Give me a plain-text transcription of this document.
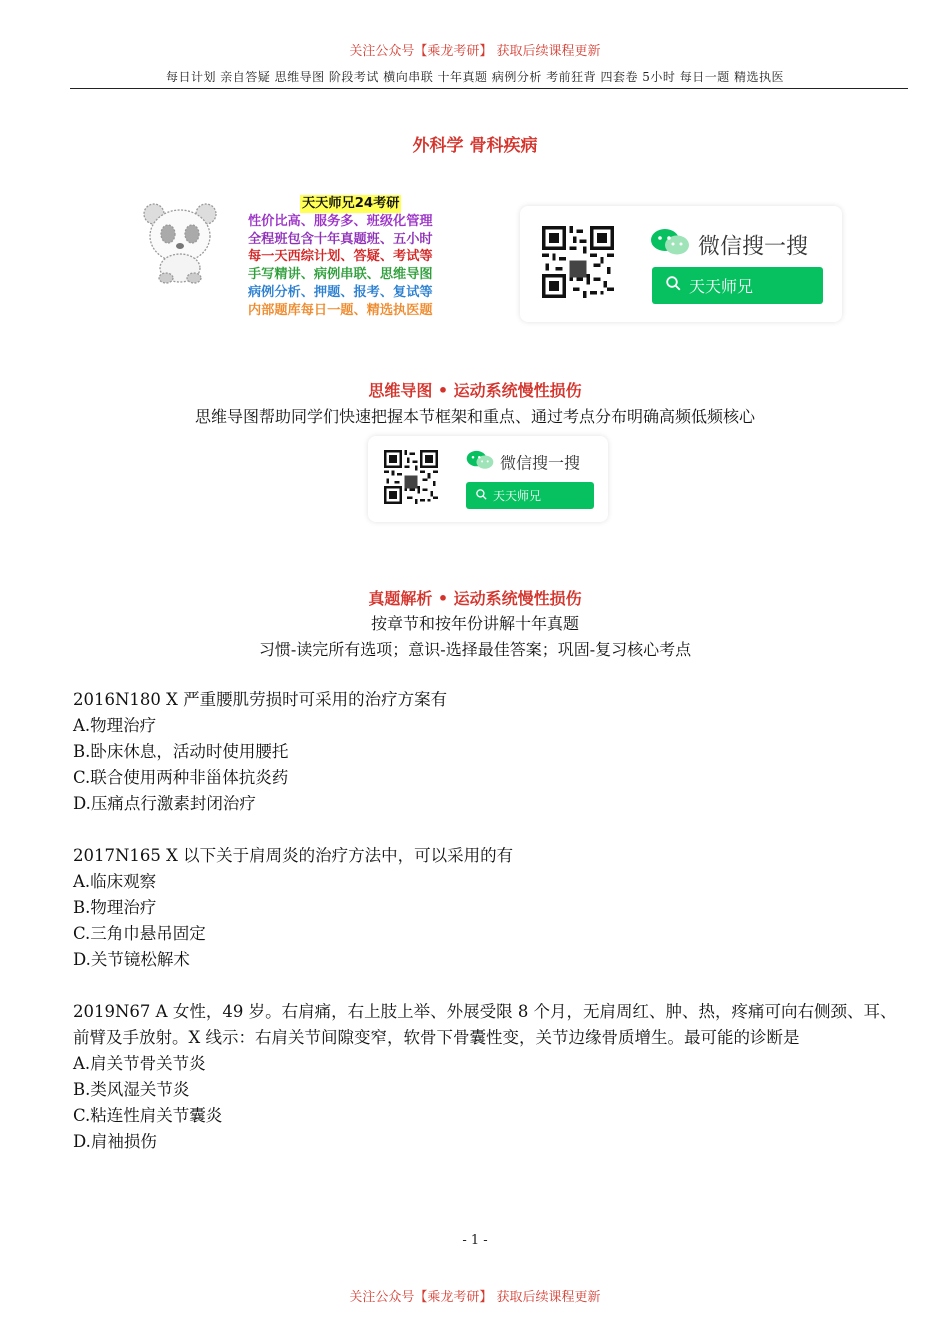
关注公众号【乘龙考研】 获取后续课程更新
每日计划 亲自答疑 思维导图 阶段考试 横向串联 十年真题 病例分析 考前狂背 四套卷 5小时 每日一题 精选执医
外科学 骨科疾病
天天师兄24考研
性价比高、服务多、班级化管理
全程班包含十年真题班、五小时
每一天西综计划、答疑、考试等
手写精讲、病例串联、思维导图
病例分析、押题、报考、复试等
内部题库每日一题、精选执医题
微信搜一搜
天天师兄
思维导图 • 运动系统慢性损伤
思维导图帮助同学们快速把握本节框架和重点、通过考点分布明确高频低频核心
微信搜一搜
天天师兄
真题解析 • 运动系统慢性损伤
按章节和按年份讲解十年真题
习惯-读完所有选项；意识-选择最佳答案；巩固-复习核心考点
2016N180 X 严重腰肌劳损时可采用的治疗方案有
A.物理治疗
B.卧床休息，活动时使用腰托
C.联合使用两种非甾体抗炎药
D.压痛点行激素封闭治疗
2017N165 X 以下关于肩周炎的治疗方法中，可以采用的有
A.临床观察
B.物理治疗
C.三角巾悬吊固定
D.关节镜松解术
2019N67 A 女性，49 岁。右肩痛，右上肢上举、外展受限 8 个月，无肩周红、肿、热，疼痛可向右侧颈、耳、前臂及手放射。X 线示：右肩关节间隙变窄，软骨下骨囊性变，关节边缘骨质增生。最可能的诊断是
A.肩关节骨关节炎
B.类风湿关节炎
C.粘连性肩关节囊炎
D.肩袖损伤
- 1 -
关注公众号【乘龙考研】 获取后续课程更新
